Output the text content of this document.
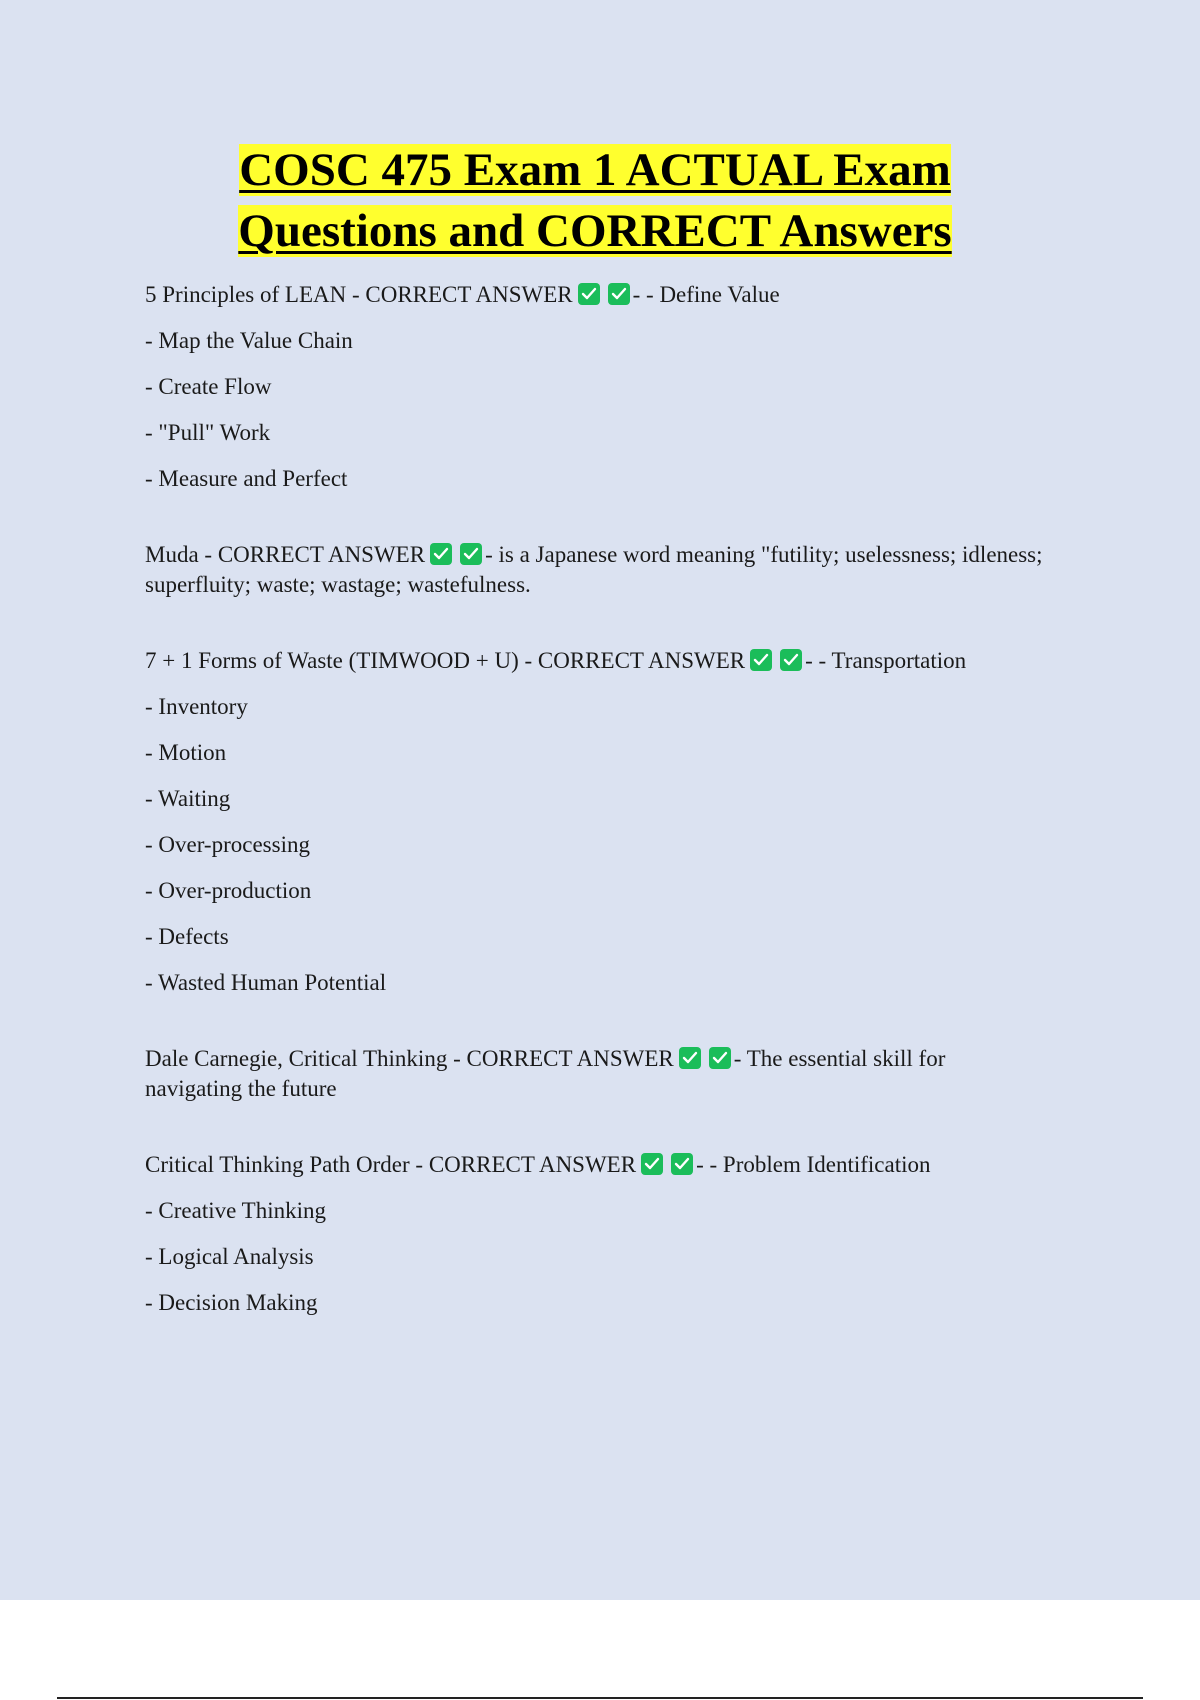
COSC 475 Exam 1 ACTUAL Exam Questions and CORRECT Answers
5 Principles of LEAN - CORRECT ANSWER	- - Define Value
- Map the Value Chain
- Create Flow
- "Pull" Work
- Measure and Perfect
Muda - CORRECT ANSWER	- is a Japanese word meaning "futility; uselessness; idleness; superfluity; waste; wastage; wastefulness.
7 + 1 Forms of Waste (TIMWOOD + U) - CORRECT ANSWER	- - Transportation
- Inventory
- Motion
- Waiting
- Over-processing
- Over-production
- Defects
- Wasted Human Potential
Dale Carnegie, Critical Thinking - CORRECT ANSWER	- The essential skill for navigating the future
Critical Thinking Path Order - CORRECT ANSWER	- - Problem Identification
- Creative Thinking
- Logical Analysis
- Decision Making
